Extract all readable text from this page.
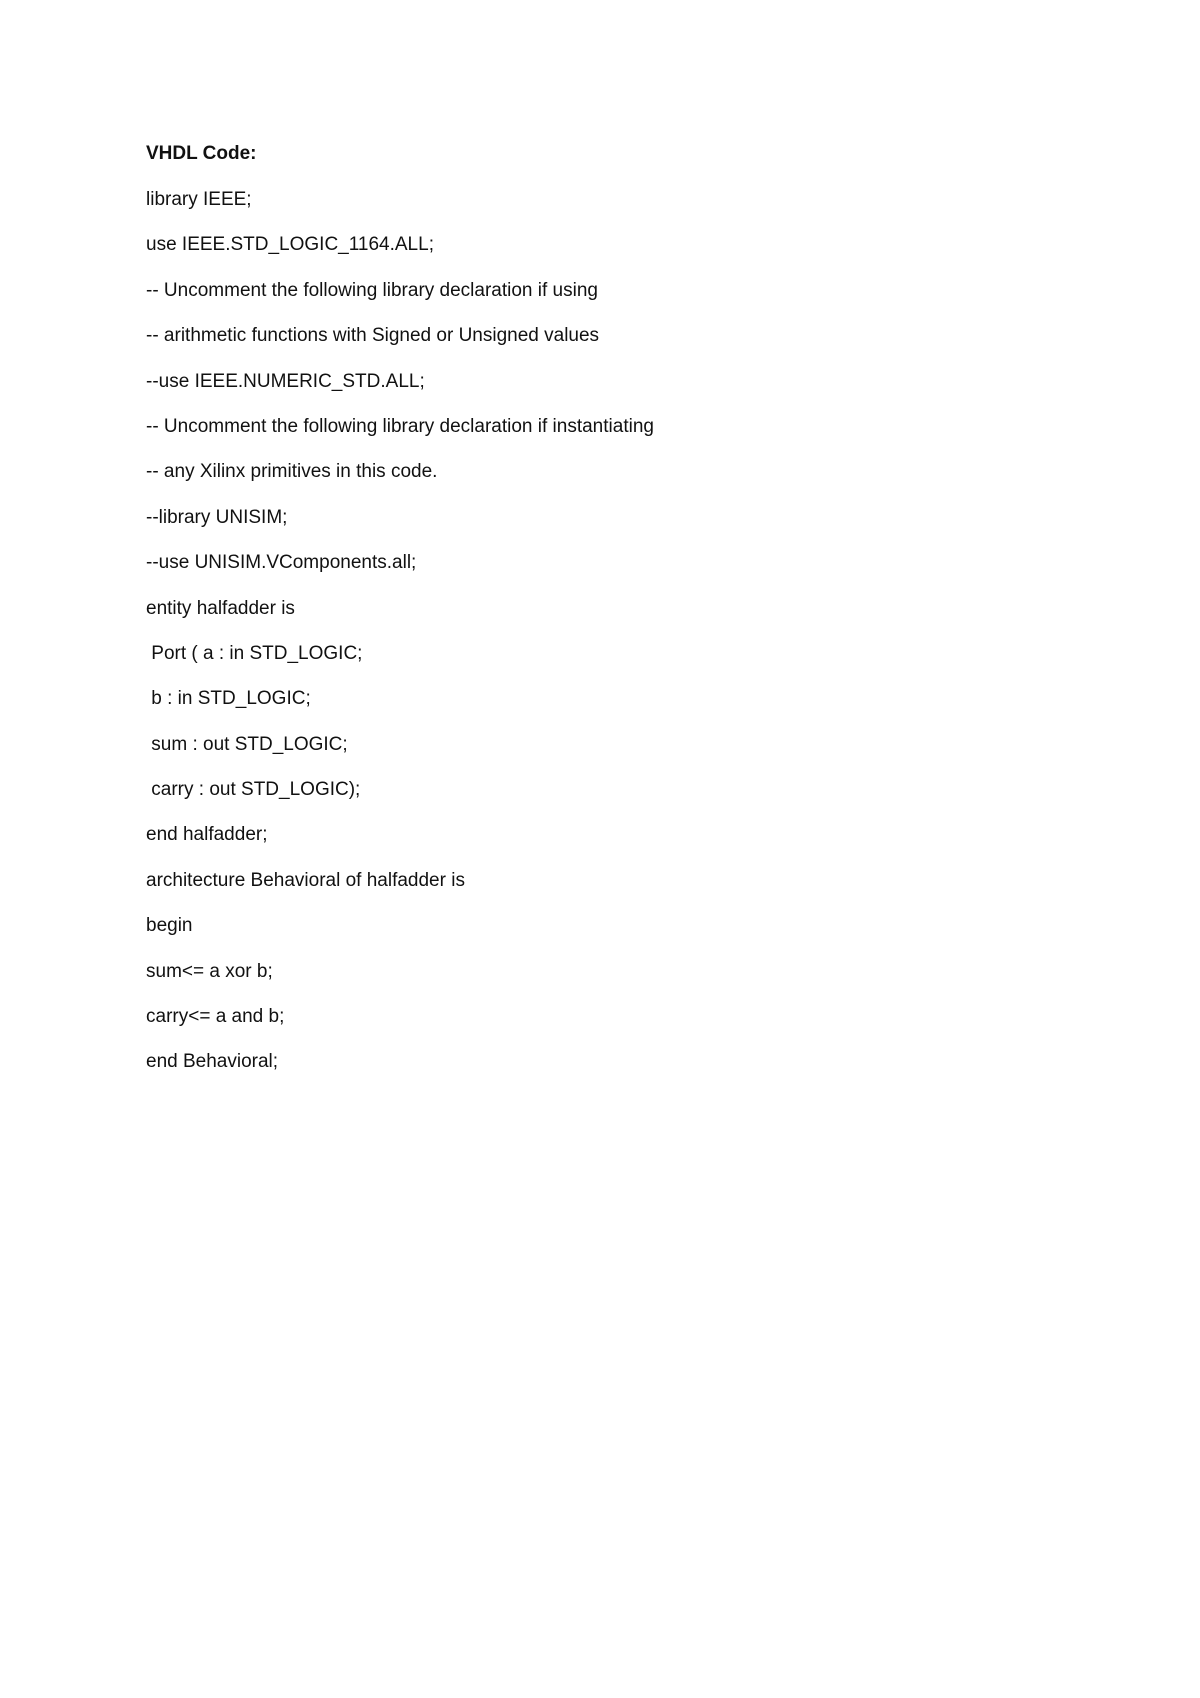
VHDL Code:
library IEEE;
use IEEE.STD_LOGIC_1164.ALL;
-- Uncomment the following library declaration if using
-- arithmetic functions with Signed or Unsigned values
--use IEEE.NUMERIC_STD.ALL;
-- Uncomment the following library declaration if instantiating
-- any Xilinx primitives in this code.
--library UNISIM;
--use UNISIM.VComponents.all;
entity halfadder is
Port ( a : in STD_LOGIC;
b : in STD_LOGIC;
sum : out STD_LOGIC;
carry : out STD_LOGIC);
end halfadder;
architecture Behavioral of halfadder is
begin
sum<= a xor b;
carry<= a and b;
end Behavioral;
